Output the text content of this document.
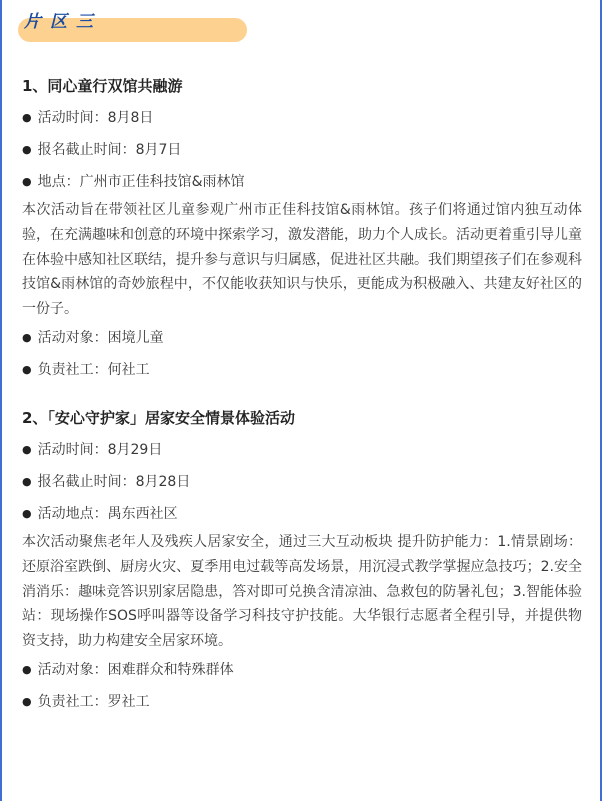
片区三
1、同心童行双馆共融游
● 活动时间：8月8日
● 报名截止时间：8月7日
● 地点：广州市正佳科技馆&雨林馆

本次活动旨在带领社区儿童参观广州市正佳科技馆&雨林馆。孩子们将通过馆内独互动体验，在充满趣味和创意的环境中探索学习，激发潜能，助力个人成长。活动更着重引导儿童在体验中感知社区联结，提升参与意识与归属感，促进社区共融。我们期望孩子们在参观科技馆&雨林馆的奇妙旅程中，不仅能收获知识与快乐，更能成为积极融入、共建友好社区的一份子。

● 活动对象：困境儿童
● 负责社工：何社工
2、「安心守护家」居家安全情景体验活动
● 活动时间：8月29日
● 报名截止时间：8月28日
● 活动地点：禺东西社区

本次活动聚焦老年人及残疾人居家安全，通过三大互动板块 提升防护能力：1.情景剧场：还原浴室跌倒、厨房火灾、夏季用电过载等高发场景，用沉浸式教学掌握应急技巧；2.安全消消乐：趣味竞答识别家居隐患，答对即可兑换含清凉油、急救包的防暑礼包；3.智能体验站：现场操作SOS呼叫器等设备学习科技守护技能。大华银行志愿者全程引导，并提供物资支持，助力构建安全居家环境。

● 活动对象：困难群众和特殊群体
● 负责社工：罗社工
